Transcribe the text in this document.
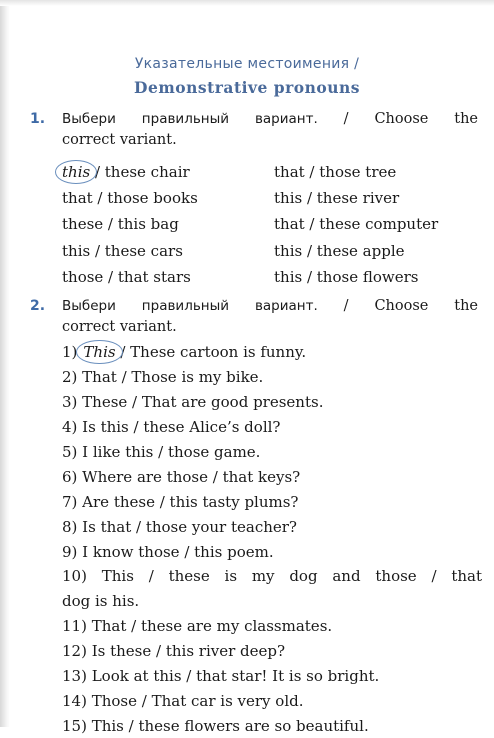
Указательные местоимения /
Demonstrative pronouns
1. Выбери правильный вариант. / Choose the
correct variant.
this / these chair	that / those tree
that / those books	this / these river
these / this bag	that / these computer
this / these cars	this / these apple
those / that stars	this / those flowers
2. Выбери правильный вариант. / Choose the
correct variant.
1) This / These cartoon is funny.
2) That / Those is my bike.
3) These / That are good presents.
4) Is this / these Alice’s doll?
5) I like this / those game.
6) Where are those / that keys?
7) Are these / this tasty plums?
8) Is that / those your teacher?
9) I know those / this poem.
10) This / these is my dog and those / that
dog is his.
11) That / these are my classmates.
12) Is these / this river deep?
13) Look at this / that star! It is so bright.
14) Those / That car is very old.
15) This / these flowers are so beautiful.
